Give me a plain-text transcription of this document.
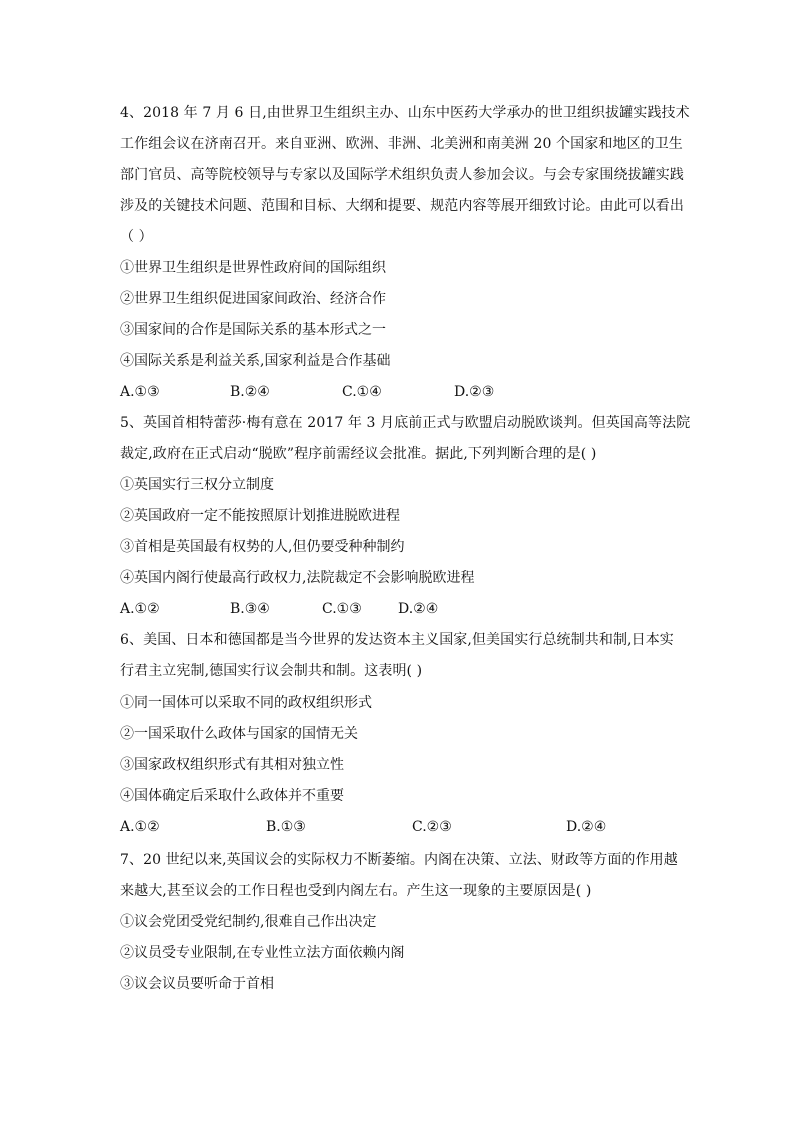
4、2018 年 7 月 6 日,由世界卫生组织主办、山东中医药大学承办的世卫组织拔罐实践技术

工作组会议在济南召开。来自亚洲、欧洲、非洲、北美洲和南美洲 20 个国家和地区的卫生

部门官员、高等院校领导与专家以及国际学术组织负责人参加会议。与会专家围绕拔罐实践

涉及的关键技术问题、范围和目标、大纲和提要、规范内容等展开细致讨论。由此可以看出

（ ）

①世界卫生组织是世界性政府间的国际组织
②世界卫生组织促进国家间政治、经济合作
③国家间的合作是国际关系的基本形式之一
④国际关系是利益关系,国家利益是合作基础
A.①③	B.②④	C.①④	D.②③

5、英国首相特蕾莎·梅有意在 2017 年 3 月底前正式与欧盟启动脱欧谈判。但英国高等法院

裁定,政府在正式启动“脱欧”程序前需经议会批准。据此,下列判断合理的是( )

①英国实行三权分立制度
②英国政府一定不能按照原计划推进脱欧进程
③首相是英国最有权势的人,但仍要受种种制约
④英国内阁行使最高行政权力,法院裁定不会影响脱欧进程
A.①②	B.③④	C.①③	D.②④

6、美国、日本和德国都是当今世界的发达资本主义国家,但美国实行总统制共和制,日本实

行君主立宪制,德国实行议会制共和制。这表明( )

①同一国体可以采取不同的政权组织形式
②一国采取什么政体与国家的国情无关
③国家政权组织形式有其相对独立性
④国体确定后采取什么政体并不重要
A.①②	B.①③	C.②③	D.②④

7、20 世纪以来,英国议会的实际权力不断萎缩。内阁在决策、立法、财政等方面的作用越

来越大,甚至议会的工作日程也受到内阁左右。产生这一现象的主要原因是( )

①议会党团受党纪制约,很难自己作出决定
②议员受专业限制,在专业性立法方面依赖内阁
③议会议员要听命于首相
